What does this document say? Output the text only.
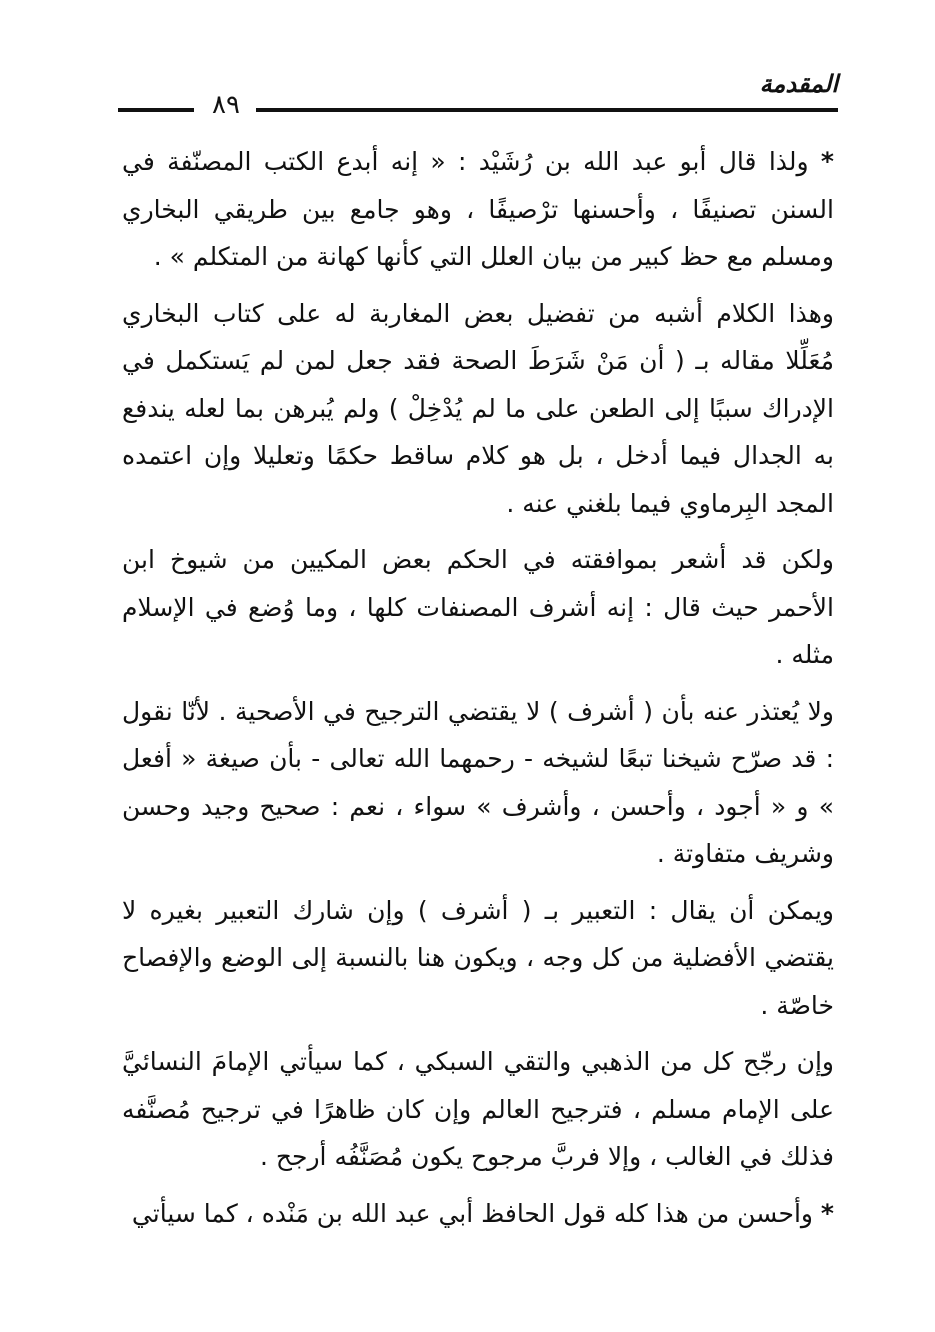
٨٩
المقدمة

* ولذا قال أبو عبد الله بن رُشَيْد : « إنه أبدع الكتب المصنّفة في السنن تصنيفًا ، وأحسنها ترْصيفًا ، وهو جامع بين طريقي البخاري ومسلم مع حظ كبير من بيان العلل التي كأنها كهانة من المتكلم » .

وهذا الكلام أشبه من تفضيل بعض المغاربة له على كتاب البخاري مُعَلِّلا مقاله بـ ( أن مَنْ شَرَطَ الصحة فقد جعل لمن لم يَستكمل في الإدراك سببًا إلى الطعن على ما لم يُدْخِلْ ) ولم يُبرهن بما لعله يندفع به الجدال فيما أدخل ، بل هو كلام ساقط حكمًا وتعليلا وإن اعتمده المجد البِرماوي فيما بلغني عنه .

ولكن قد أشعر بموافقته في الحكم بعض المكيين من شيوخ ابن الأحمر حيث قال : إنه أشرف المصنفات كلها ، وما وُضع في الإسلام مثله .

ولا يُعتذر عنه بأن ( أشرف ) لا يقتضي الترجيح في الأصحية . لأنّا نقول : قد صرّح شيخنا تبعًا لشيخه - رحمهما الله تعالى - بأن صيغة « أفعل » و « أجود ، وأحسن ، وأشرف » سواء ، نعم : صحيح وجيد وحسن وشريف متفاوتة .

ويمكن أن يقال : التعبير بـ ( أشرف ) وإن شارك التعبير بغيره لا يقتضي الأفضلية من كل وجه ، ويكون هنا بالنسبة إلى الوضع والإفصاح خاصّة .

وإن رجّح كل من الذهبي والتقي السبكي ، كما سيأتي الإمامَ النسائيَّ على الإمام مسلم ، فترجيح العالم وإن كان ظاهرًا في ترجيح مُصنَّفه فذلك في الغالب ، وإلا فربَّ مرجوح يكون مُصَنَّفُه أرجح .

* وأحسن من هذا كله قول الحافظ أبي عبد الله بن مَنْده ، كما سيأتي
